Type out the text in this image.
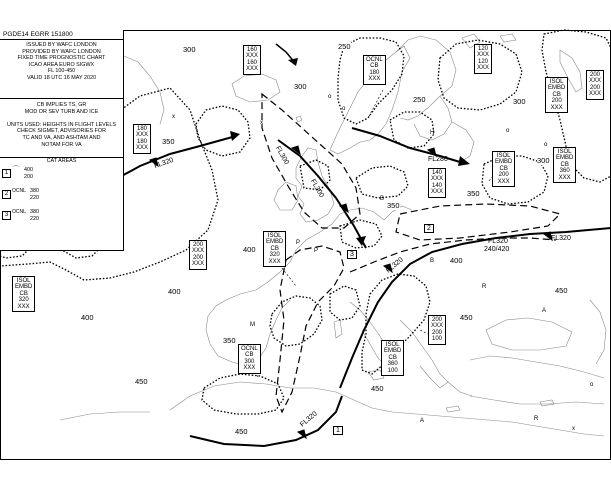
o
o
P
P
M
B
R
A
B
H	o
o
x
x
A	R
x
o
PGDE14 EGRR 151800
ISSUED BY WAFC LONDON
PROVIDED BY WAFC LONDON
FIXED TIME PROGNOSTIC CHART
ICAO AREA EURO SIGWX
FL 100-450
VALID 18 UTC 16 MAY 2020
CB IMPLIES TS, GR
MOD OR SEV TURB AND ICE
UNITS USED: HEIGHTS IN FLIGHT LEVELS
CHECK SIGMET, ADVISORIES FOR
TC AND VA, AND ASHTAM AND
NOTAM FOR VA
CAT AREAS
1 ⌒ 400
200
2 OCNL 380
220
3 OCNL 380
220
160
XXX
160
XXX
OCNL
CB
180
XXX
120
XXX
120
XXX
ISOL
EMBD
CB
200
XXX
200
XXX
200
XXX
180
XXX
180
XXX
ISOL
EMBD
CB
200
XXX
ISOL
EMBD
CB
360
XXX
140
XXX
140
XXX
ISOL
EMBD
CB
320
XXX
200
XXX
200
XXX
ISOL
EMBD
CB
320
XXX
200
XXX
200
100
OCNL
CB
300
XXX
ISOL
EMBD
CB
360
100
300	250
300
250	300
300
350
350
350
400
400
400
400
450
450
350
450
450
450
FL320	FL300
FL300
FL280
FL320
240/420
FL320
FL320
FL320
2
3
1
